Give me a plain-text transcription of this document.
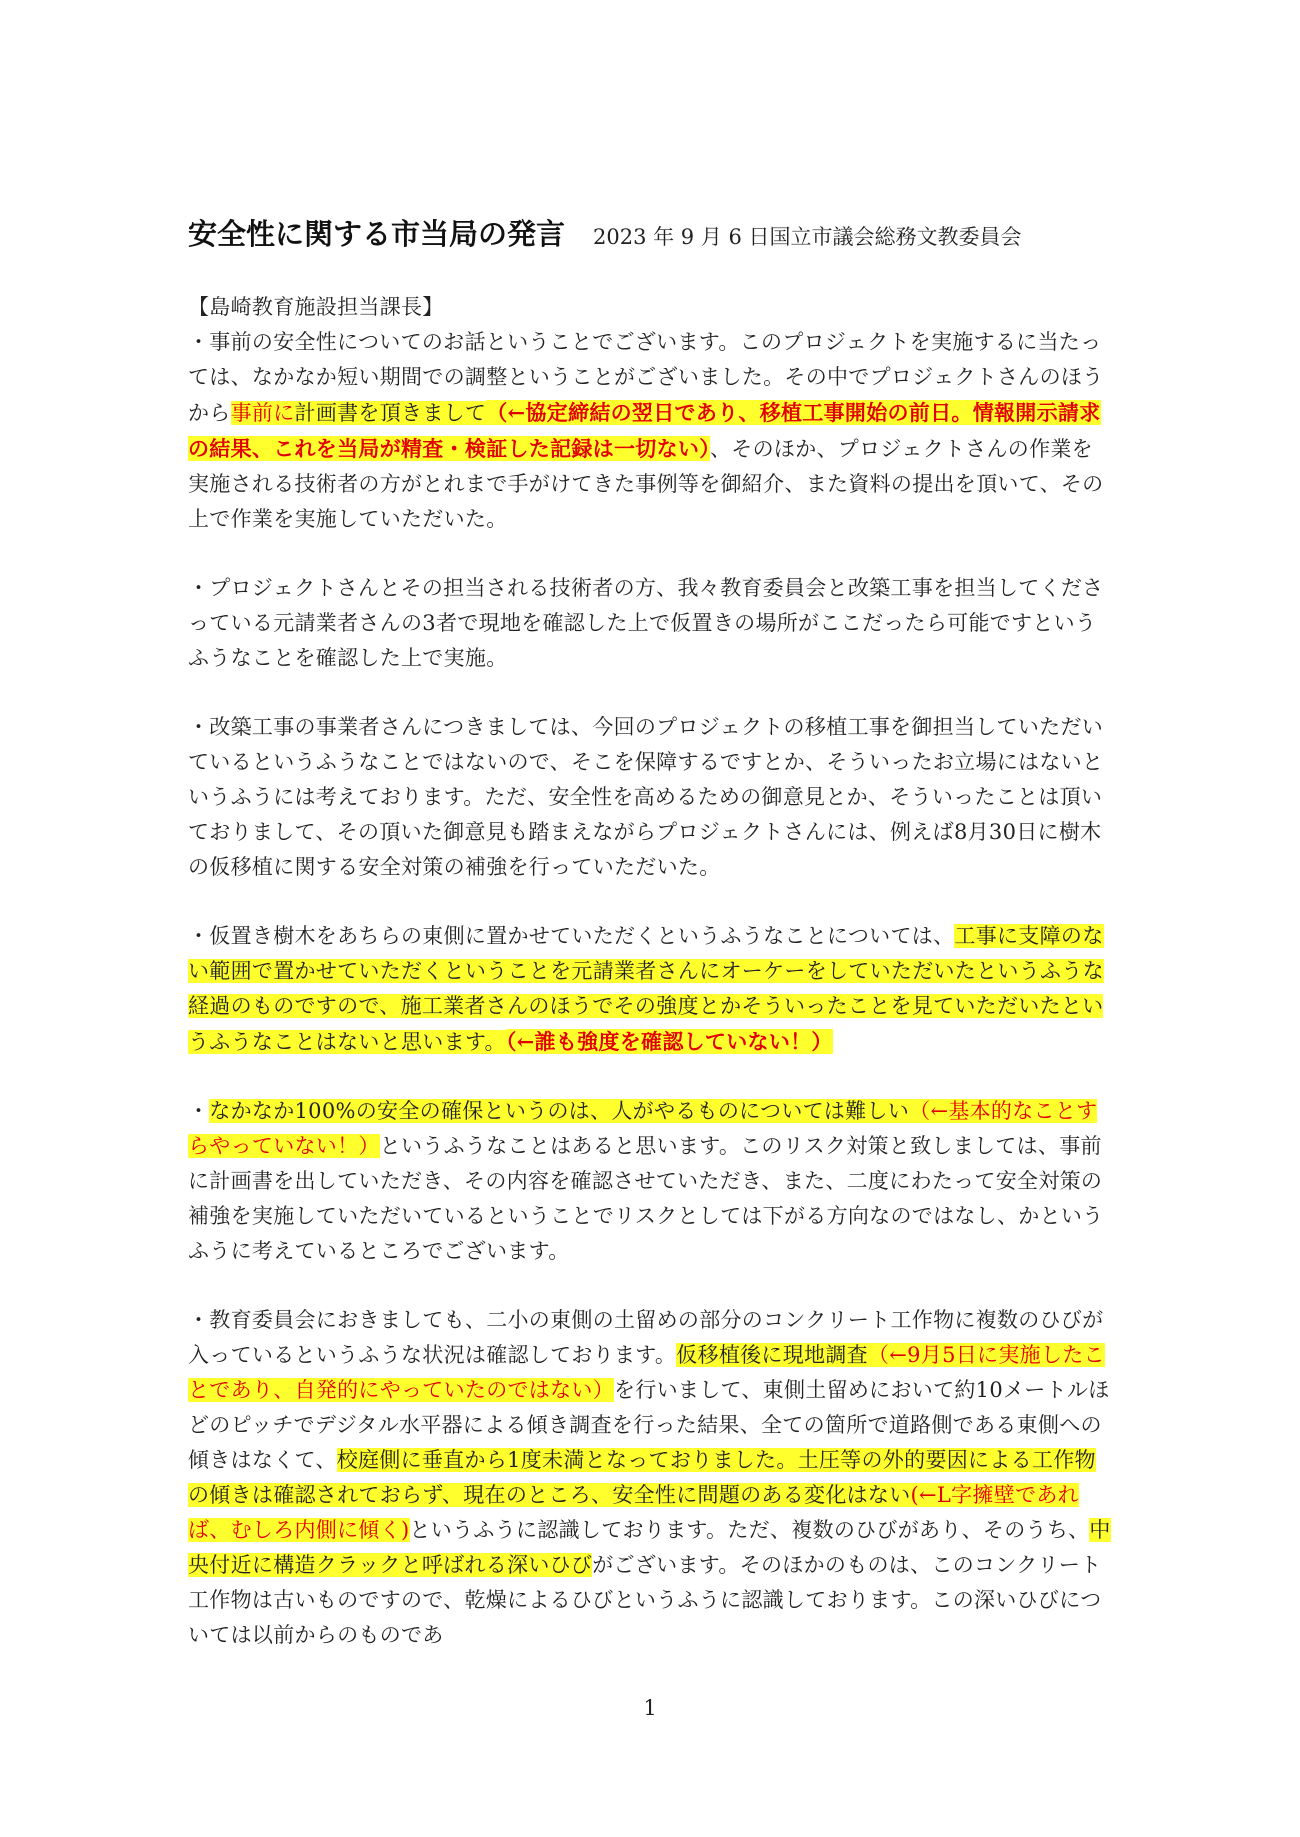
安全性に関する市当局の発言 2023 年 9 月 6 日国立市議会総務文教委員会

【島崎教育施設担当課長】

・事前の安全性についてのお話ということでございます。このプロジェクトを実施するに当たっては、なかなか短い期間での調整ということがございました。その中でプロジェクトさんのほうから事前に計画書を頂きまして（←協定締結の翌日であり、移植工事開始の前日。情報開示請求の結果、これを当局が精査・検証した記録は一切ない）、そのほか、プロジェクトさんの作業を実施される技術者の方がとれまで手がけてきた事例等を御紹介、また資料の提出を頂いて、その上で作業を実施していただいた。

・プロジェクトさんとその担当される技術者の方、我々教育委員会と改築工事を担当してくださっている元請業者さんの3者で現地を確認した上で仮置きの場所がここだったら可能ですというふうなことを確認した上で実施。

・改築工事の事業者さんにつきましては、今回のプロジェクトの移植工事を御担当していただいているというふうなことではないので、そこを保障するですとか、そういったお立場にはないというふうには考えております。ただ、安全性を高めるための御意見とか、そういったことは頂いておりまして、その頂いた御意見も踏まえながらプロジェクトさんには、例えば8月30日に樹木の仮移植に関する安全対策の補強を行っていただいた。

・仮置き樹木をあちらの東側に置かせていただくというふうなことについては、工事に支障のない範囲で置かせていただくということを元請業者さんにオーケーをしていただいたというふうな経過のものですので、施工業者さんのほうでその強度とかそういったことを見ていただいたというふうなことはないと思います。（←誰も強度を確認していない！）

・なかなか100%の安全の確保というのは、人がやるものについては難しい（←基本的なことすらやっていない！）というふうなことはあると思います。このリスク対策と致しましては、事前に計画書を出していただき、その内容を確認させていただき、また、二度にわたって安全対策の補強を実施していただいているということでリスクとしては下がる方向なのではなし、かというふうに考えているところでございます。

・教育委員会におきましても、二小の東側の土留めの部分のコンクリート工作物に複数のひびが入っているというふうな状況は確認しております。仮移植後に現地調査（←9月5日に実施したことであり、自発的にやっていたのではない）を行いまして、東側土留めにおいて約10メートルほどのピッチでデジタル水平器による傾き調査を行った結果、全ての箇所で道路側である東側への傾きはなくて、校庭側に垂直から1度未満となっておりました。土圧等の外的要因による工作物の傾きは確認されておらず、現在のところ、安全性に問題のある変化はない(←L字擁壁であれば、むしろ内側に傾く)というふうに認識しております。ただ、複数のひびがあり、そのうち、中央付近に構造クラックと呼ばれる深いひびがございます。そのほかのものは、このコンクリート工作物は古いものですので、乾燥によるひびというふうに認識しております。この深いひびについては以前からのものであ

1
